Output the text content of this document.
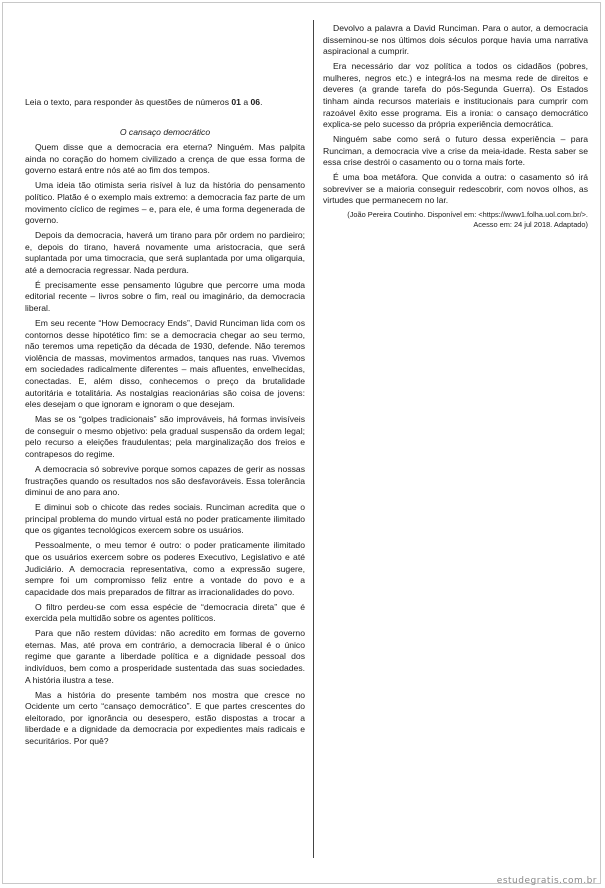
Leia o texto, para responder às questões de números 01 a 06.

O cansaço democrático

Quem disse que a democracia era eterna? Ninguém. Mas palpita ainda no coração do homem civilizado a crença de que essa forma de governo estará entre nós até ao fim dos tempos.

Uma ideia tão otimista seria risível à luz da história do pensamento político. Platão é o exemplo mais extremo: a democracia faz parte de um movimento cíclico de regimes – e, para ele, é uma forma degenerada de governo.

Depois da democracia, haverá um tirano para pôr ordem no pardieiro; e, depois do tirano, haverá novamente uma aristocracia, que será suplantada por uma timocracia, que será suplantada por uma oligarquia, até a democracia regressar. Nada perdura.

É precisamente esse pensamento lúgubre que percorre uma moda editorial recente – livros sobre o fim, real ou imaginário, da democracia liberal.

Em seu recente “How Democracy Ends”, David Runciman lida com os contornos desse hipotético fim: se a democracia chegar ao seu termo, não teremos uma repetição da década de 1930, defende. Não teremos violência de massas, movimentos armados, tanques nas ruas. Vivemos em sociedades radicalmente diferentes – mais afluentes, envelhecidas, conectadas. E, além disso, conhecemos o preço da brutalidade autoritária e totalitária. As nostalgias reacionárias são coisa de jovens: eles desejam o que ignoram e ignoram o que desejam.

Mas se os “golpes tradicionais” são improváveis, há formas invisíveis de conseguir o mesmo objetivo: pela gradual suspensão da ordem legal; pelo recurso a eleições fraudulentas; pela marginalização dos freios e contrapesos do regime.

A democracia só sobrevive porque somos capazes de gerir as nossas frustrações quando os resultados nos são desfavoráveis. Essa tolerância diminui de ano para ano.

E diminui sob o chicote das redes sociais. Runciman acredita que o principal problema do mundo virtual está no poder praticamente ilimitado que os gigantes tecnológicos exercem sobre os usuários.

Pessoalmente, o meu temor é outro: o poder praticamente ilimitado que os usuários exercem sobre os poderes Executivo, Legislativo e até Judiciário. A democracia representativa, como a expressão sugere, sempre foi um compromisso feliz entre a vontade do povo e a capacidade dos mais preparados de filtrar as irracionalidades do povo.

O filtro perdeu-se com essa espécie de “democracia direta” que é exercida pela multidão sobre os agentes políticos.

Para que não restem dúvidas: não acredito em formas de governo eternas. Mas, até prova em contrário, a democracia liberal é o único regime que garante a liberdade política e a dignidade pessoal dos indivíduos, bem como a prosperidade sustentada das suas sociedades. A história ilustra a tese.

Mas a história do presente também nos mostra que cresce no Ocidente um certo “cansaço democrático”. E que partes crescentes do eleitorado, por ignorância ou desespero, estão dispostas a trocar a liberdade e a dignidade da democracia por expedientes mais radicais e securitários. Por quê?

Devolvo a palavra a David Runciman. Para o autor, a democracia disseminou-se nos últimos dois séculos porque havia uma narrativa aspiracional a cumprir.

Era necessário dar voz política a todos os cidadãos (pobres, mulheres, negros etc.) e integrá-los na mesma rede de direitos e deveres (a grande tarefa do pós-Segunda Guerra). Os Estados tinham ainda recursos materiais e institucionais para cumprir com razoável êxito esse programa. Eis a ironia: o cansaço democrático explica-se pelo sucesso da própria experiência democrática.

Ninguém sabe como será o futuro dessa experiência – para Runciman, a democracia vive a crise da meia-idade. Resta saber se essa crise destrói o casamento ou o torna mais forte.

É uma boa metáfora. Que convida a outra: o casamento só irá sobreviver se a maioria conseguir redescobrir, com novos olhos, as virtudes que permanecem no lar.

(João Pereira Coutinho. Disponível em: <https://www1.folha.uol.com.br/>.
Acesso em: 24 jul 2018. Adaptado)

estudegratis.com.br
